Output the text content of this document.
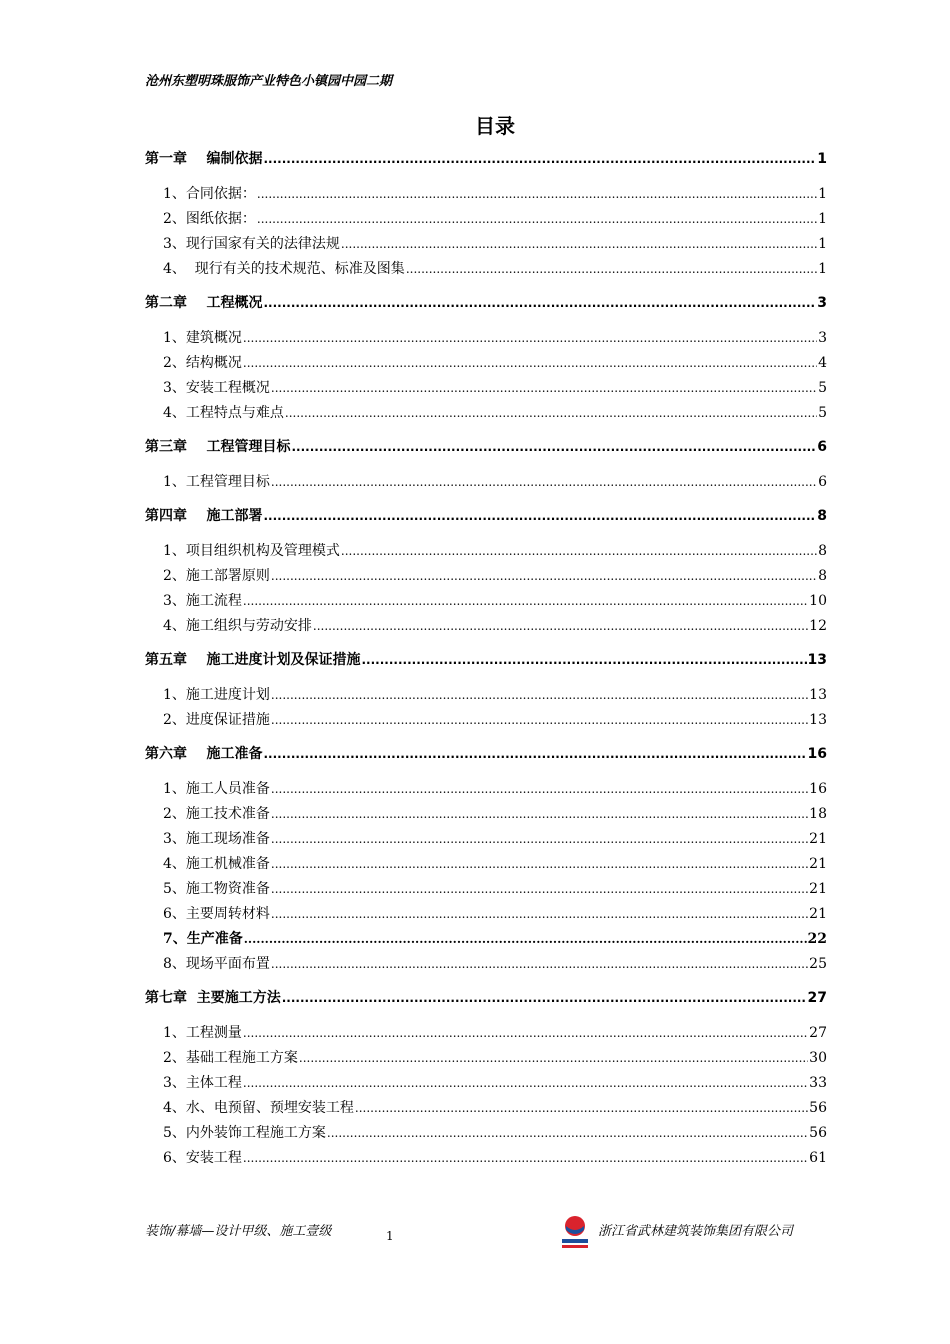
沧州东塑明珠服饰产业特色小镇园中园二期
目录
第一章    编制依据 .....	1
1、合同依据： .....	1
2、图纸依据： .....	1
3、现行国家有关的法律法规 .....	1
4、  现行有关的技术规范、标准及图集 .....	1
第二章    工程概况 .....	3
1、建筑概况 .....	3
2、结构概况 .....	4
3、安装工程概况 .....	5
4、工程特点与难点 .....	5
第三章    工程管理目标 .....	6
1、工程管理目标 .....	6
第四章    施工部署 .....	8
1、项目组织机构及管理模式 .....	8
2、施工部署原则 .....	8
3、施工流程 .....	10
4、施工组织与劳动安排 .....	12
第五章    施工进度计划及保证措施 .....	13
1、施工进度计划 .....	13
2、进度保证措施 .....	13
第六章    施工准备 .....	16
1、施工人员准备 .....	16
2、施工技术准备 .....	18
3、施工现场准备 .....	21
4、施工机械准备 .....	21
5、施工物资准备 .....	21
6、主要周转材料 .....	21
7、生产准备 .....	22
8、现场平面布置 .....	25
第七章  主要施工方法 .....	27
1、工程测量 .....	27
2、基础工程施工方案 .....	30
3、主体工程 .....	33
4、水、电预留、预埋安装工程 .....	56
5、内外装饰工程施工方案 .....	56
6、安装工程 .....	61
装饰/幕墙—设计甲级、施工壹级	1	浙江省武林建筑装饰集团有限公司
